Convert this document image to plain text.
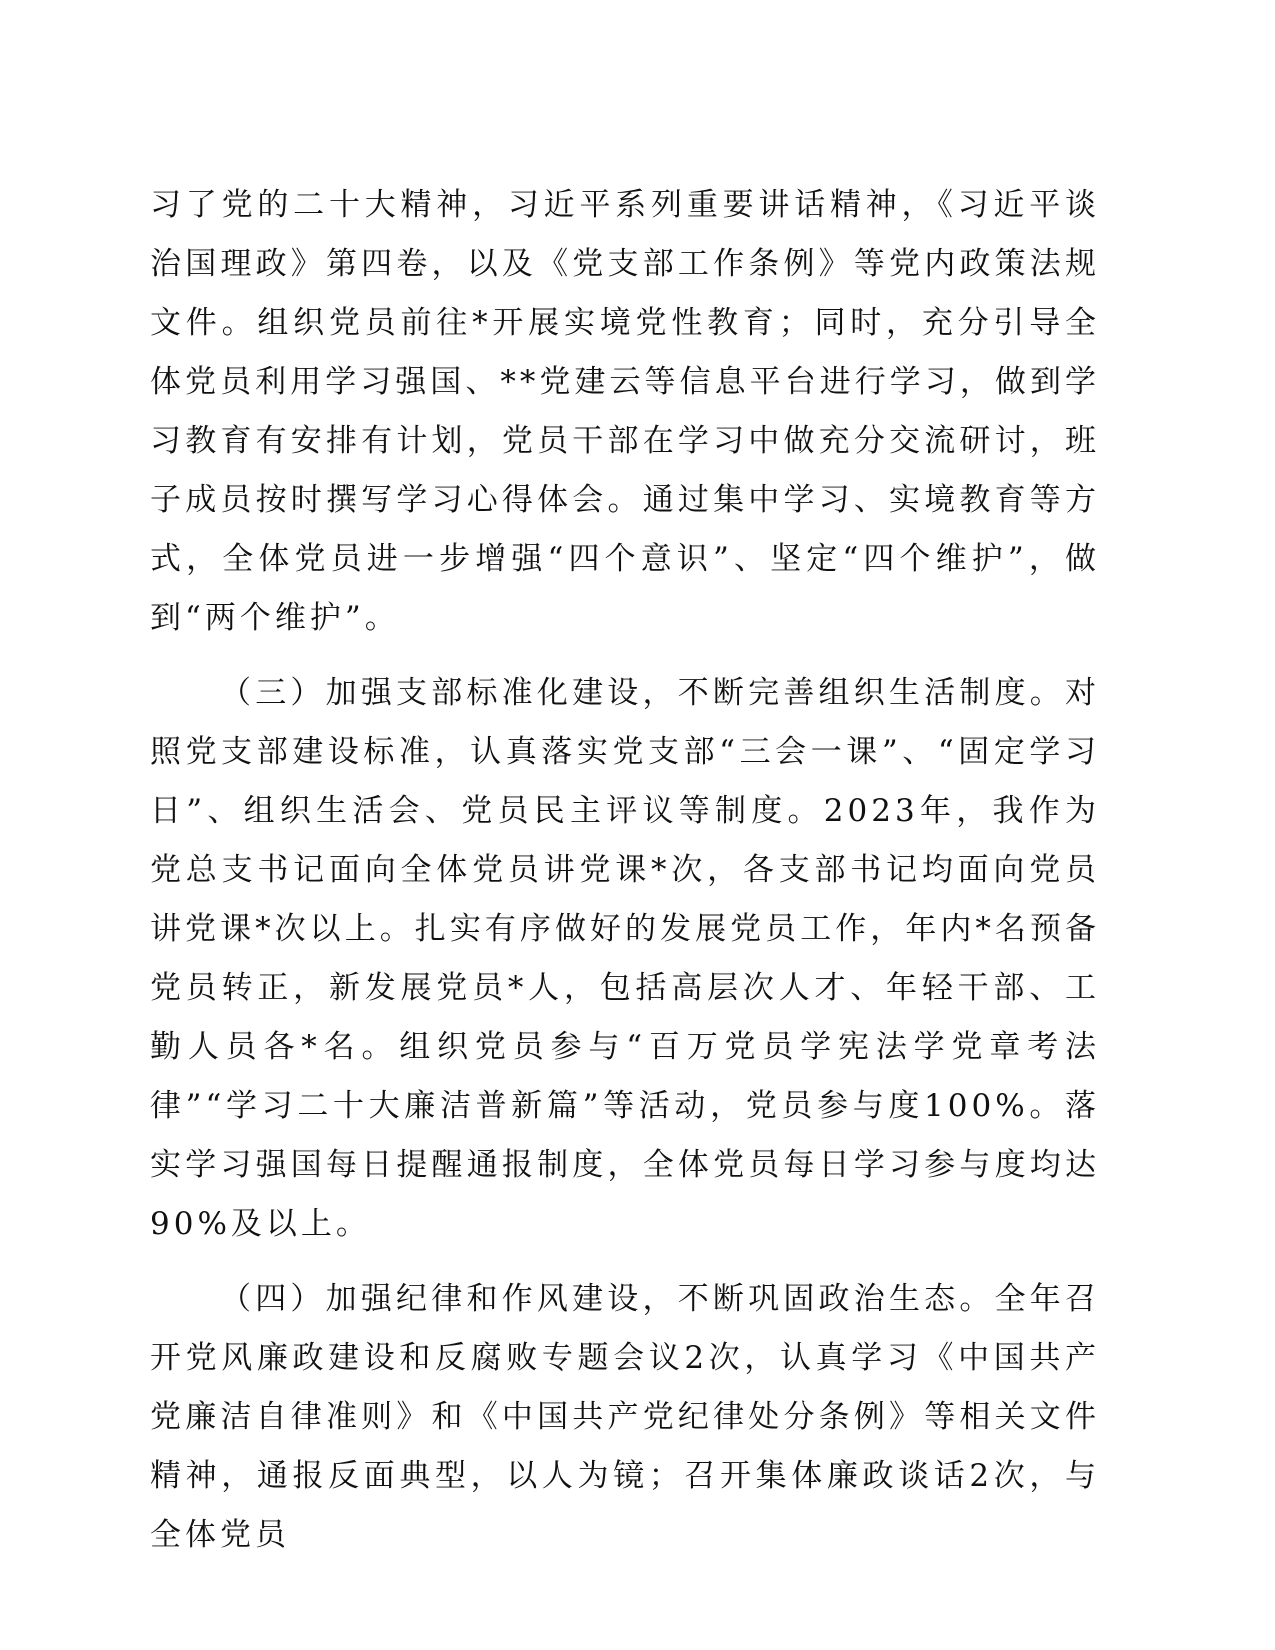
习了党的二十大精神，习近平系列重要讲话精神，《习近平谈治国理政》第四卷，以及《党支部工作条例》等党内政策法规文件。组织党员前往*开展实境党性教育；同时，充分引导全体党员利用学习强国、**党建云等信息平台进行学习，做到学习教育有安排有计划，党员干部在学习中做充分交流研讨，班子成员按时撰写学习心得体会。通过集中学习、实境教育等方式，全体党员进一步增强“四个意识”、坚定“四个维护”，做到“两个维护”。

（三）加强支部标准化建设，不断完善组织生活制度。对照党支部建设标准，认真落实党支部“三会一课”、“固定学习日”、组织生活会、党员民主评议等制度。2023年，我作为党总支书记面向全体党员讲党课*次，各支部书记均面向党员讲党课*次以上。扎实有序做好的发展党员工作，年内*名预备党员转正，新发展党员*人，包括高层次人才、年轻干部、工勤人员各*名。组织党员参与“百万党员学宪法学党章考法律”“学习二十大廉洁普新篇”等活动，党员参与度100%。落实学习强国每日提醒通报制度，全体党员每日学习参与度均达90%及以上。

（四）加强纪律和作风建设，不断巩固政治生态。全年召开党风廉政建设和反腐败专题会议2次，认真学习《中国共产党廉洁自律准则》和《中国共产党纪律处分条例》等相关文件精神，通报反面典型，以人为镜；召开集体廉政谈话2次，与全体党员
